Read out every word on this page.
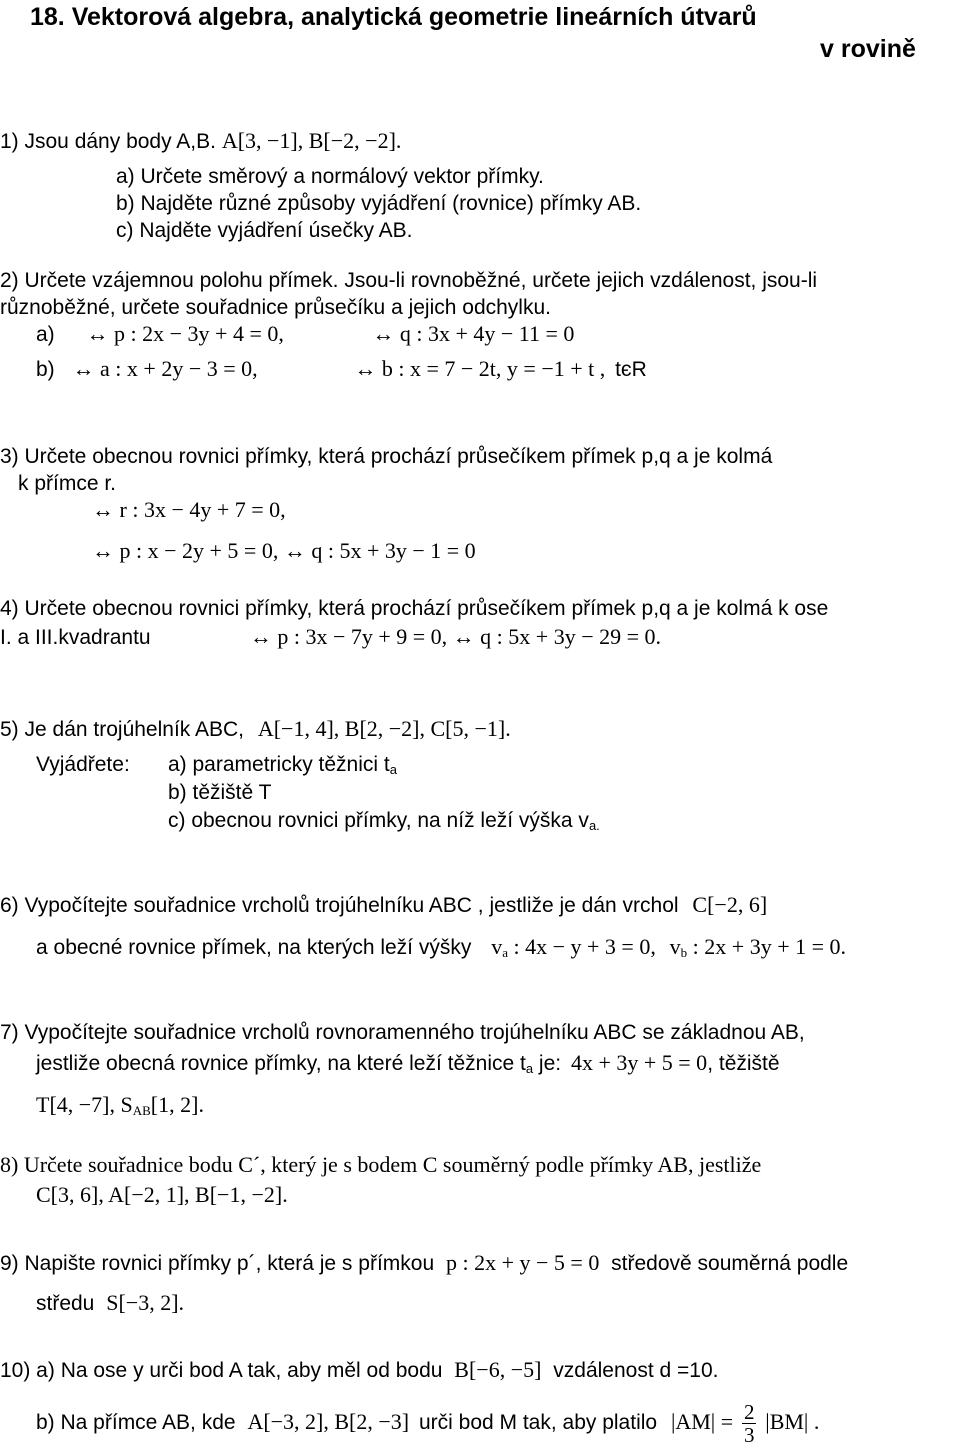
18. Vektorová algebra, analytická geometrie lineárních útvarů
v rovině
1) Jsou dány body A,B. A[3, −1], B[−2, −2].
a) Určete směrový a normálový vektor přímky.
b) Najděte různé způsoby vyjádření (rovnice) přímky AB.
c) Najděte vyjádření úsečky AB.
2) Určete vzájemnou polohu přímek. Jsou-li rovnoběžné, určete jejich vzdálenost, jsou-li
různoběžné, určete souřadnice průsečíku a jejich odchylku.
a) ↔ p : 2x − 3y + 4 = 0,	↔ q : 3x + 4y − 11 = 0
b) ↔ a : x + 2y − 3 = 0,	↔ b : x = 7 − 2t, y = −1 + t , tєR
3) Určete obecnou rovnici přímky, která prochází průsečíkem přímek p,q a je kolmá
k přímce r.
↔ r : 3x − 4y + 7 = 0,
↔ p : x − 2y + 5 = 0, ↔ q : 5x + 3y − 1 = 0
4) Určete obecnou rovnici přímky, která prochází průsečíkem přímek p,q a je kolmá k ose
I. a III.kvadrantu	↔ p : 3x − 7y + 9 = 0, ↔ q : 5x + 3y − 29 = 0.
5) Je dán trojúhelník ABC, A[−1, 4], B[2, −2], C[5, −1].
Vyjádřete: a) parametricky těžnici $t_a$
b) těžiště T
c) obecnou rovnici přímky, na níž leží výška $v_{a.}$
6) Vypočítejte souřadnice vrcholů trojúhelníku ABC , jestliže je dán vrchol C[−2, 6]
a obecné rovnice přímek, na kterých leží výšky $v_a$ : 4x − y + 3 = 0, $v_b$ : 2x + 3y + 1 = 0.
7) Vypočítejte souřadnice vrcholů rovnoramenného trojúhelníku ABC se základnou AB,
jestliže obecná rovnice přímky, na které leží těžnice $t_a$ je: 4x + 3y + 5 = 0, těžiště
T[4, −7], $S_{AB}[1$, 2].
8) Určete souřadnice bodu C´, který je s bodem C souměrný podle přímky AB, jestliže
C[3, 6], A[−2, 1], B[−1, −2].
9) Napište rovnici přímky p´, která je s přímkou p : 2x + y − 5 = 0 středově souměrná podle
středu S[−3, 2].
10) a) Na ose y urči bod A tak, aby měl od bodu B[−6, −5] vzdálenost d =10.
b) Na přímce AB, kde A[−3, 2], B[2, −3] urči bod M tak, aby platilo $|AM| = \frac{2}{3} |BM|$ .
